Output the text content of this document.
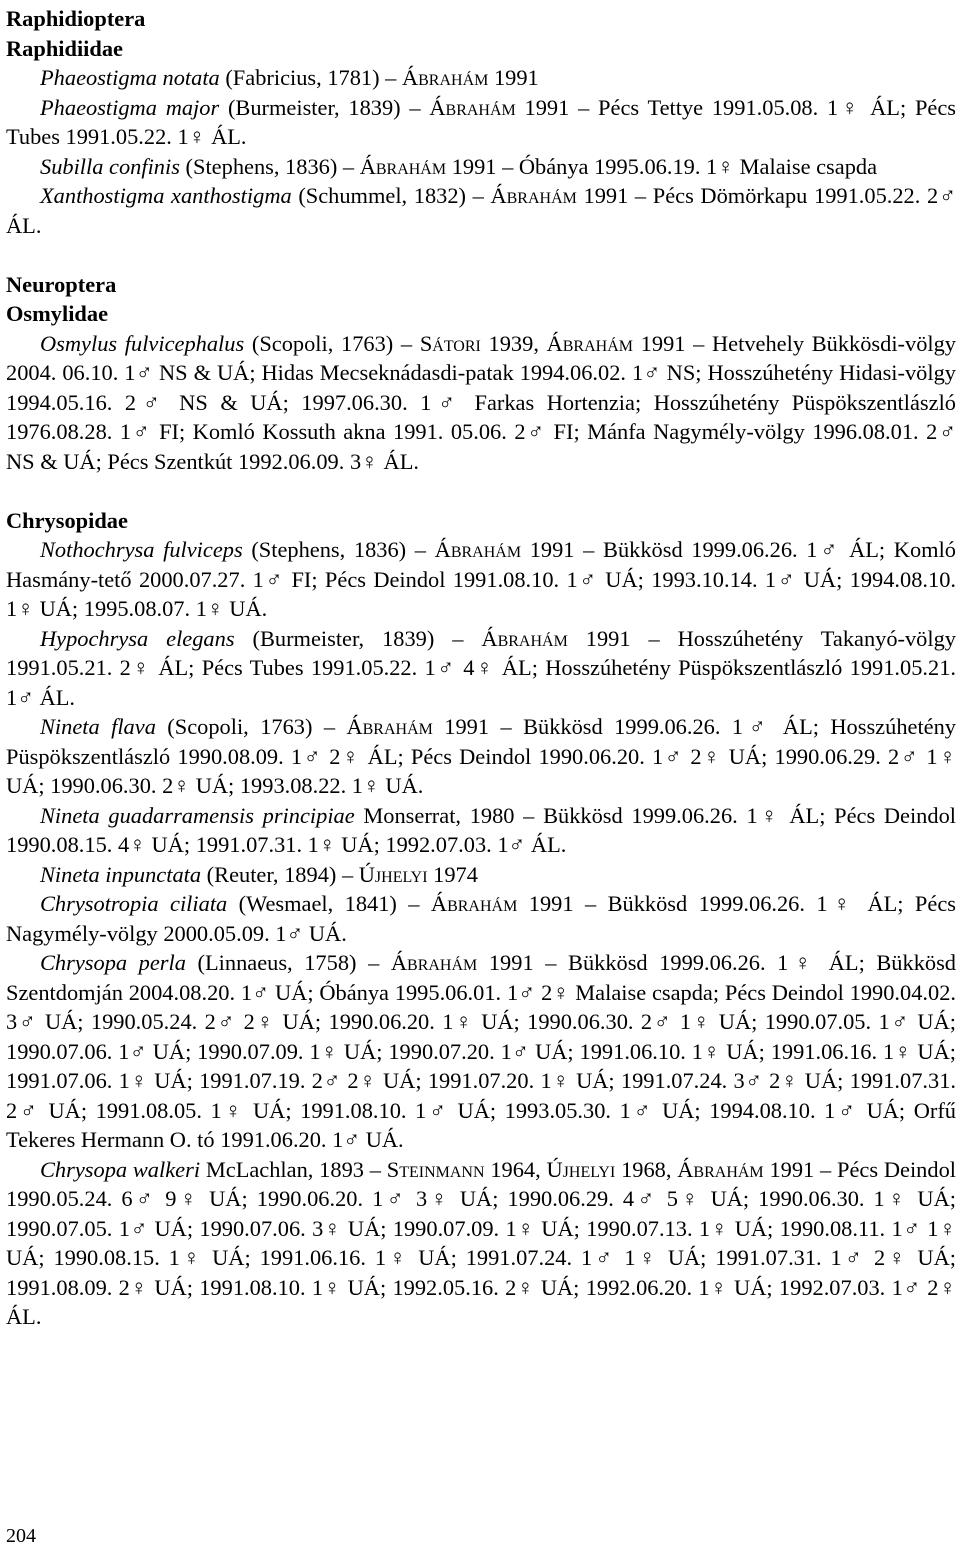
Raphidioptera
Raphidiidae

Phaeostigma notata (Fabricius, 1781) – Ábrahám 1991

Phaeostigma major (Burmeister, 1839) – Ábrahám 1991 – Pécs Tettye 1991.05.08. 1♀ ÁL; Pécs Tubes 1991.05.22. 1♀ ÁL.

Subilla confinis (Stephens, 1836) – Ábrahám 1991 – Óbánya 1995.06.19. 1♀ Malaise csapda

Xanthostigma xanthostigma (Schummel, 1832) – Ábrahám 1991 – Pécs Dömörkapu 1991.05.22. 2♂ ÁL.

Neuroptera
Osmylidae

Osmylus fulvicephalus (Scopoli, 1763) – Sátori 1939, Ábrahám 1991 – Hetvehely Bükkösdi-völgy 2004. 06.10. 1♂ NS & UÁ; Hidas Mecseknádasdi-patak 1994.06.02. 1♂ NS; Hosszúhetény Hidasi-völgy 1994.05.16. 2♂ NS & UÁ; 1997.06.30. 1♂ Farkas Hortenzia; Hosszúhetény Püspökszentlászló 1976.08.28. 1♂ FI; Komló Kossuth akna 1991. 05.06. 2♂ FI; Mánfa Nagymély-völgy 1996.08.01. 2♂ NS & UÁ; Pécs Szentkút 1992.06.09. 3♀ ÁL.

Chrysopidae

Nothochrysa fulviceps (Stephens, 1836) – Ábrahám 1991 – Bükkösd 1999.06.26. 1♂ ÁL; Komló Hasmány-tető 2000.07.27. 1♂ FI; Pécs Deindol 1991.08.10. 1♂ UÁ; 1993.10.14. 1♂ UÁ; 1994.08.10. 1♀ UÁ; 1995.08.07. 1♀ UÁ.

Hypochrysa elegans (Burmeister, 1839) – Ábrahám 1991 – Hosszúhetény Takanyó-völgy 1991.05.21. 2♀ ÁL; Pécs Tubes 1991.05.22. 1♂ 4♀ ÁL; Hosszúhetény Püspökszentlászló 1991.05.21. 1♂ ÁL.

Nineta flava (Scopoli, 1763) – Ábrahám 1991 – Bükkösd 1999.06.26. 1♂ ÁL; Hosszúhetény Püspökszentlászló 1990.08.09. 1♂ 2♀ ÁL; Pécs Deindol 1990.06.20. 1♂ 2♀ UÁ; 1990.06.29. 2♂ 1♀ UÁ; 1990.06.30. 2♀ UÁ; 1993.08.22. 1♀ UÁ.

Nineta guadarramensis principiae Monserrat, 1980 – Bükkösd 1999.06.26. 1♀ ÁL; Pécs Deindol 1990.08.15. 4♀ UÁ; 1991.07.31. 1♀ UÁ; 1992.07.03. 1♂ ÁL.

Nineta inpunctata (Reuter, 1894) – Újhelyi 1974

Chrysotropia ciliata (Wesmael, 1841) – Ábrahám 1991 – Bükkösd 1999.06.26. 1♀ ÁL; Pécs Nagymély-völgy 2000.05.09. 1♂ UÁ.

Chrysopa perla (Linnaeus, 1758) – Ábrahám 1991 – Bükkösd 1999.06.26. 1♀ ÁL; Bükkösd Szentdomján 2004.08.20. 1♂ UÁ; Óbánya 1995.06.01. 1♂ 2♀ Malaise csapda; Pécs Deindol 1990.04.02. 3♂ UÁ; 1990.05.24. 2♂ 2♀ UÁ; 1990.06.20. 1♀ UÁ; 1990.06.30. 2♂ 1♀ UÁ; 1990.07.05. 1♂ UÁ; 1990.07.06. 1♂ UÁ; 1990.07.09. 1♀ UÁ; 1990.07.20. 1♂ UÁ; 1991.06.10. 1♀ UÁ; 1991.06.16. 1♀ UÁ; 1991.07.06. 1♀ UÁ; 1991.07.19. 2♂ 2♀ UÁ; 1991.07.20. 1♀ UÁ; 1991.07.24. 3♂ 2♀ UÁ; 1991.07.31. 2♂ UÁ; 1991.08.05. 1♀ UÁ; 1991.08.10. 1♂ UÁ; 1993.05.30. 1♂ UÁ; 1994.08.10. 1♂ UÁ; Orfű Tekeres Hermann O. tó 1991.06.20. 1♂ UÁ.

Chrysopa walkeri McLachlan, 1893 – Steinmann 1964, Újhelyi 1968, Ábrahám 1991 – Pécs Deindol 1990.05.24. 6♂ 9♀ UÁ; 1990.06.20. 1♂ 3♀ UÁ; 1990.06.29. 4♂ 5♀ UÁ; 1990.06.30. 1♀ UÁ; 1990.07.05. 1♂ UÁ; 1990.07.06. 3♀ UÁ; 1990.07.09. 1♀ UÁ; 1990.07.13. 1♀ UÁ; 1990.08.11. 1♂ 1♀ UÁ; 1990.08.15. 1♀ UÁ; 1991.06.16. 1♀ UÁ; 1991.07.24. 1♂ 1♀ UÁ; 1991.07.31. 1♂ 2♀ UÁ; 1991.08.09. 2♀ UÁ; 1991.08.10. 1♀ UÁ; 1992.05.16. 2♀ UÁ; 1992.06.20. 1♀ UÁ; 1992.07.03. 1♂ 2♀ ÁL.

204
